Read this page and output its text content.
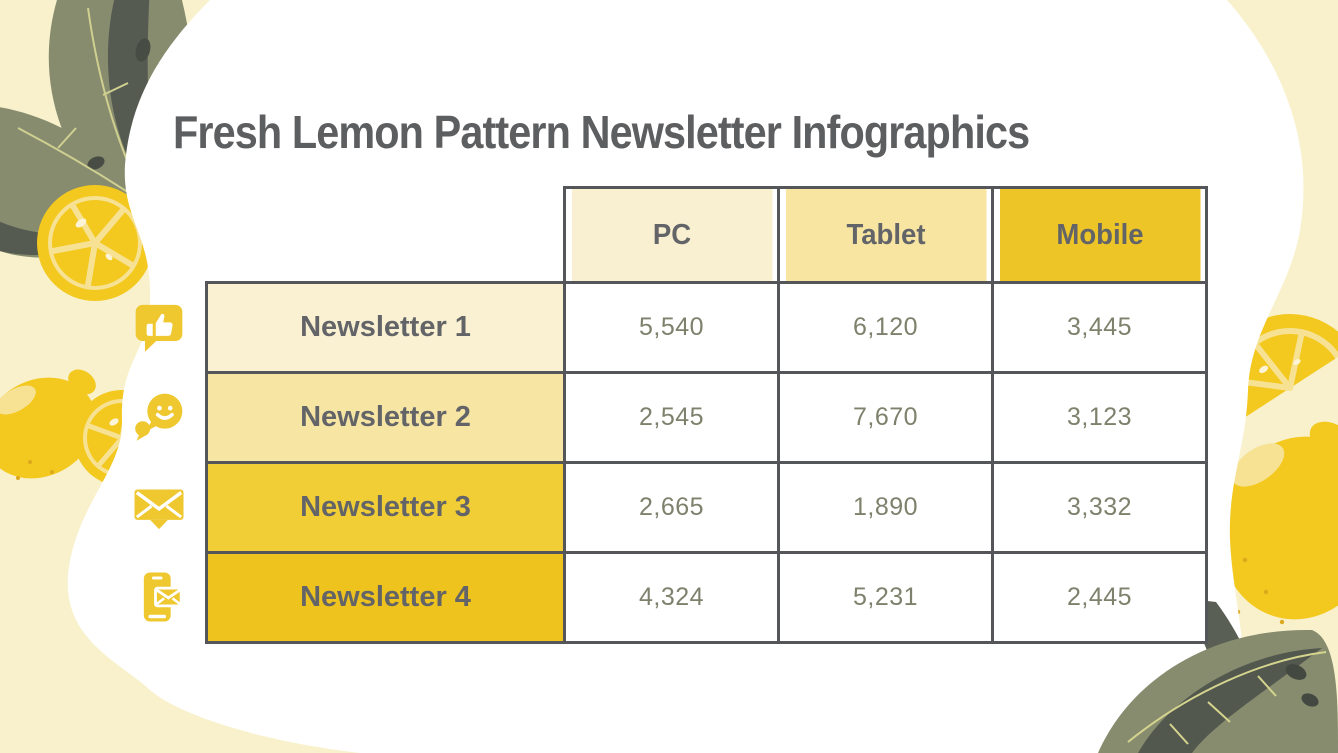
Fresh Lemon Pattern Newsletter Infographics
	PC	Tablet	Mobile
Newsletter 1	5,540	6,120	3,445
Newsletter 2	2,545	7,670	3,123
Newsletter 3	2,665	1,890	3,332
Newsletter 4	4,324	5,231	2,445
